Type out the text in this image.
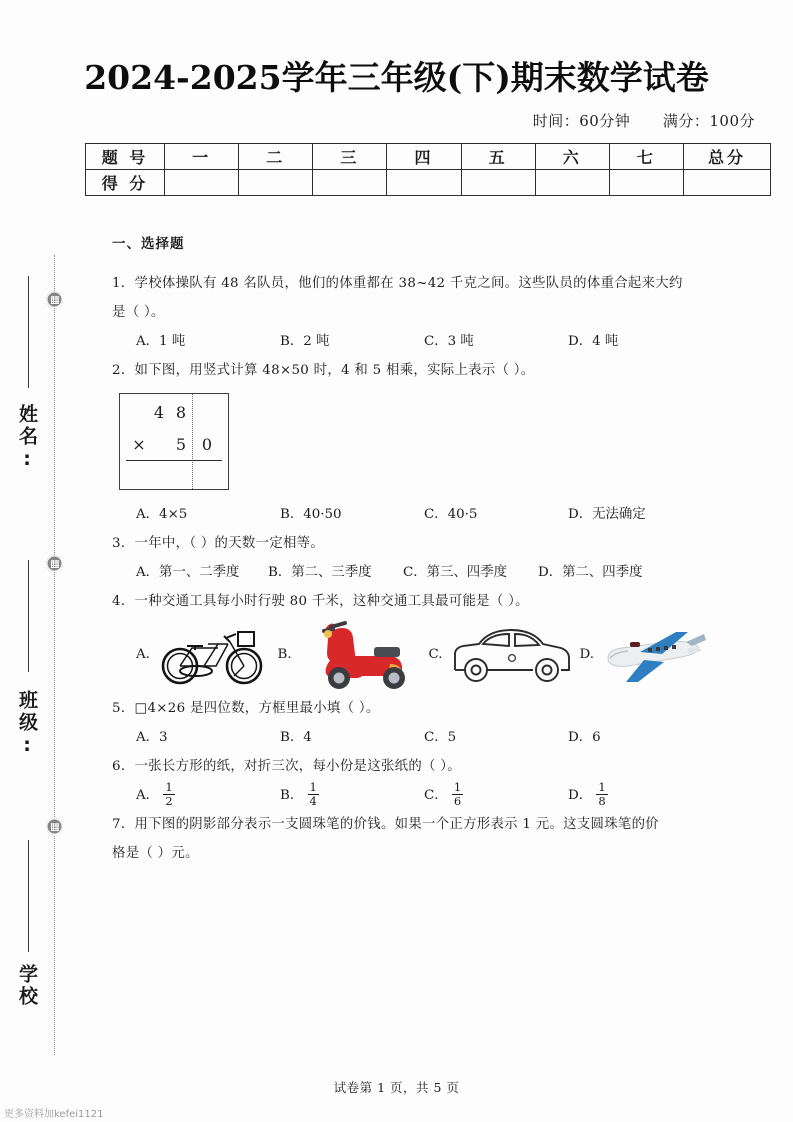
姓名:
班级:
学校
2024-2025学年三年级(下)期末数学试卷
时间：60分钟 满分：100分
题 号	一	二	三	四	五	六	七	总分
得 分								
一、选择题
1．学校体操队有 48 名队员，他们的体重都在 38~42 千克之间。这些队员的体重合起来大约
是（ ）。
A．1 吨	B．2 吨	C．3 吨	D．4 吨
2．如下图，用竖式计算 48×50 时，4 和 5 相乘，实际上表示（ ）。
4 8
×	5 0
A．4×5	B．40·50	C．40·5	D．无法确定
3．一年中，（ ）的天数一定相等。
A．第一、二季度	B．第二、三季度	C．第三、四季度	D．第二、四季度
4．一种交通工具每小时行驶 80 千米，这种交通工具最可能是（ ）。
A.	B.	C.	D.
5．□4×26 是四位数，方框里最小填（ ）。
A．3	B．4	C．5	D．6
6．一张长方形的纸，对折三次，每小份是这张纸的（ ）。
A． $\frac{1}{2}$	B． $\frac{1}{4}$	C． $\frac{1}{6}$	D． $\frac{1}{8}$
7．用下图的阴影部分表示一支圆珠笔的价钱。如果一个正方形表示 1 元。这支圆珠笔的价
格是（ ）元。
试卷第 1 页，共 5 页
更多资料加kefei1121
